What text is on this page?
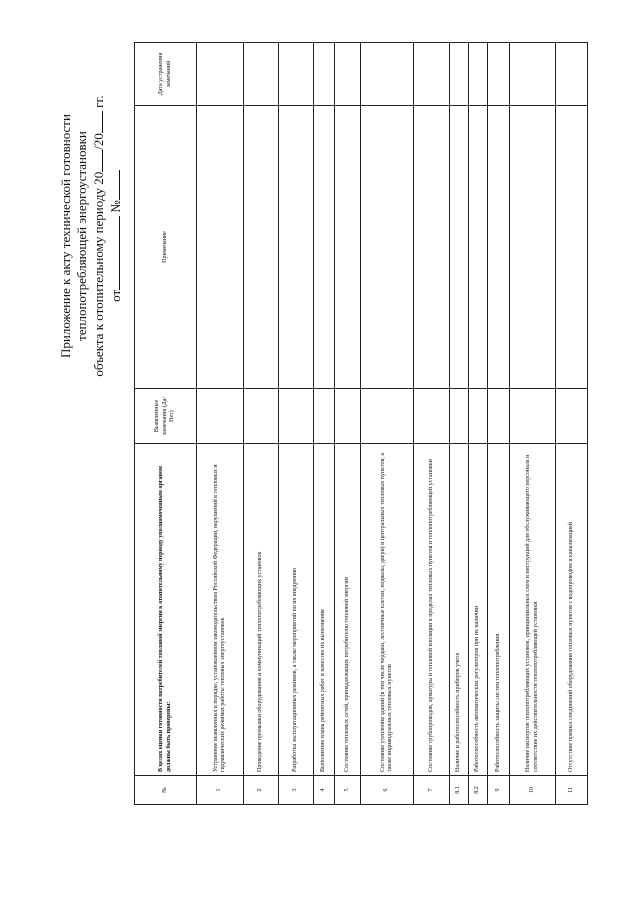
Приложение к акту технической готовности теплопотребляющей энергоустановки объекта к отопительному периоду 20/20 гг.
от №
№	В целях оценки готовности потребителей тепловой энергии к отопительному периоду уполномоченным органом должны быть проверены:	Выявленные замечания (Да/Нет)	Примечание	Дата устранения замечаний
1	Устранение выявленных в порядке, установленном законодательством Российской Федерации, нарушений в тепловых и гидравлических режимах работы тепловых энергоустановок			
2	Проведение промывки оборудования и коммуникаций теплопотребляющих установок			
3	Разработка эксплуатационных режимов, а также мероприятий по их внедрению			
4	Выполнение плана ремонтных работ и качество их выполнения			
5	Состояние тепловых сетей, принадлежащих потребителю тепловой энергии			
6	Состояние утепления зданий (в том числе чердаки, лестничные клетки, подвалы, двери) и центральных тепловых пунктов, а также индивидуальных тепловых пунктов			
7	Состояние трубопроводов, арматуры и тепловой изоляции в пределах тепловых пунктов и теплопотребляющей установки			
8.1	Наличие и работоспособность приборов учета			
8.2	Работоспособность автоматических регуляторов при их наличии			
9	Работоспособность защиты систем теплопотребления			
10	Наличие паспортов теплопотребляющих установок, принципиальных схем и инструкций для обслуживающего персонала и соответствие их действительности теплопотребляющей установки			
11	Отсутствие прямых соединений оборудования тепловых пунктов с водопроводом и канализацией			
